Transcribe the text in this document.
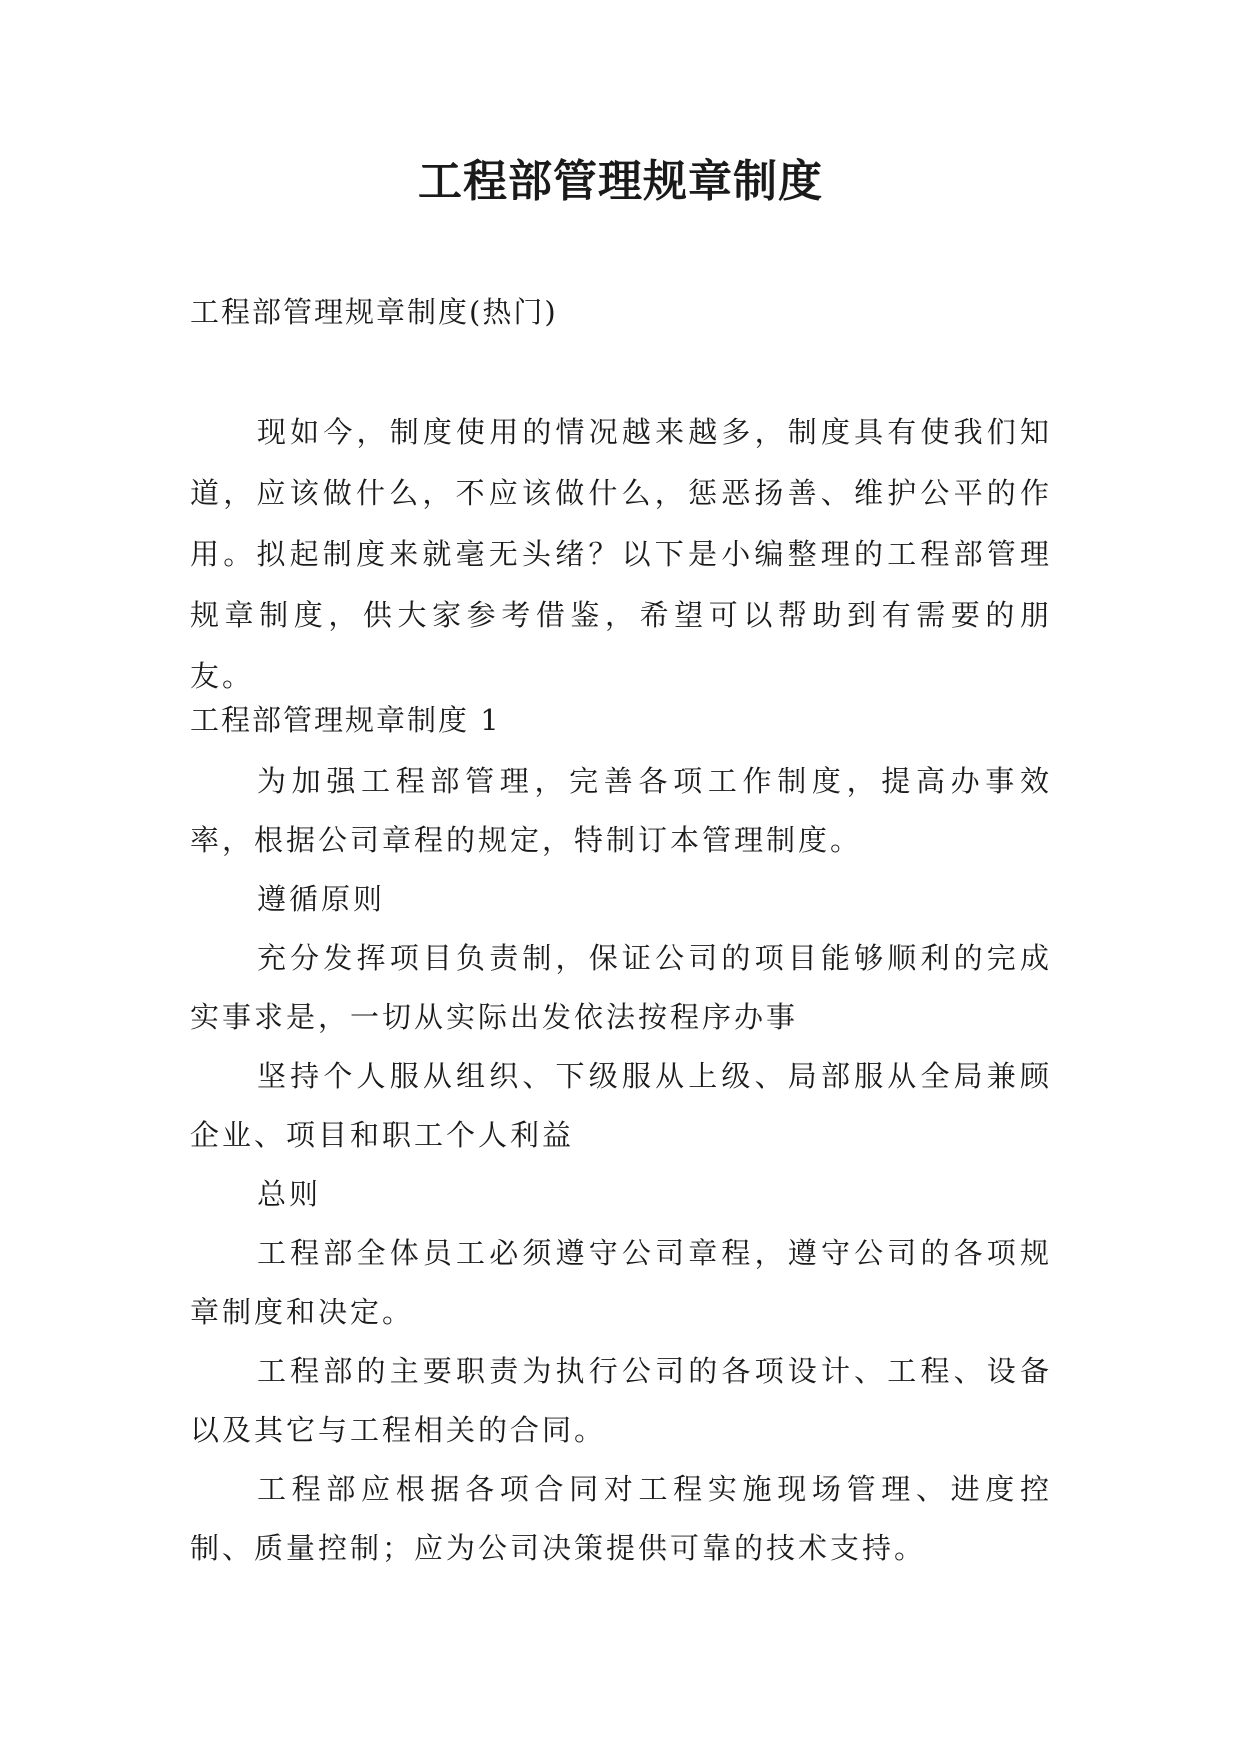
工程部管理规章制度
工程部管理规章制度(热门)

现如今，制度使用的情况越来越多，制度具有使我们知道，应该做什么，不应该做什么，惩恶扬善、维护公平的作用。拟起制度来就毫无头绪？以下是小编整理的工程部管理规章制度，供大家参考借鉴，希望可以帮助到有需要的朋友。

工程部管理规章制度 1

为加强工程部管理，完善各项工作制度，提高办事效率，根据公司章程的规定，特制订本管理制度。

遵循原则

充分发挥项目负责制，保证公司的项目能够顺利的完成实事求是，一切从实际出发依法按程序办事

坚持个人服从组织、下级服从上级、局部服从全局兼顾企业、项目和职工个人利益

总则

工程部全体员工必须遵守公司章程，遵守公司的各项规章制度和决定。

工程部的主要职责为执行公司的各项设计、工程、设备以及其它与工程相关的合同。

工程部应根据各项合同对工程实施现场管理、进度控制、质量控制；应为公司决策提供可靠的技术支持。
